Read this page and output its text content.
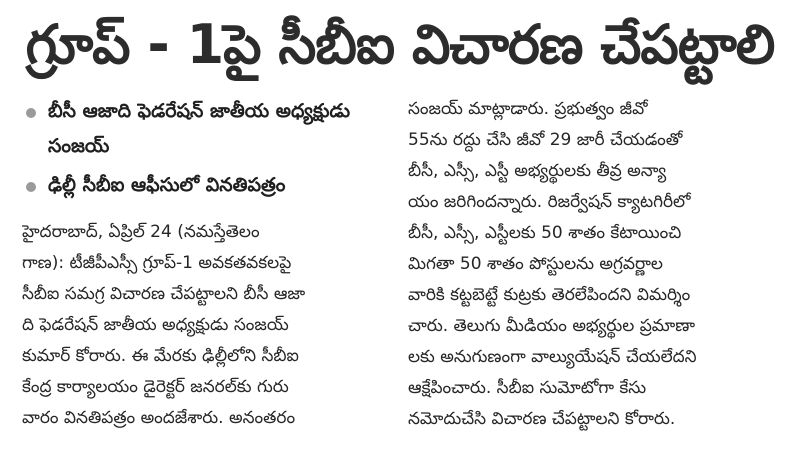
గ్రూప్ - 1పై సీబీఐ విచారణ చేపట్టాలి
బీసీ ఆజాది ఫెడరేషన్ జాతీయ అధ్యక్షుడు సంజయ్
ఢిల్లీ సీబీఐ ఆఫీసులో వినతిపత్రం
హైదరాబాద్, ఏప్రిల్ 24 (నమస్తేతెలం
గాణ): టీజీపీఎస్సీ గ్రూప్-1 అవకతవకలపై
సీబీఐ సమగ్ర విచారణ చేపట్టాలని బీసీ ఆజా
ది ఫెడరేషన్ జాతీయ అధ్యక్షుడు సంజయ్
కుమార్ కోరారు. ఈ మేరకు ఢిల్లీలోని సీబీఐ
కేంద్ర కార్యాలయం డైరెక్టర్ జనరల్‌కు గురు
వారం వినతిపత్రం అందజేశారు. అనంతరం
సంజయ్ మాట్లాడారు. ప్రభుత్వం జీవో
55ను రద్దు చేసి జీవో 29 జారీ చేయడంతో
బీసీ, ఎస్సీ, ఎస్టీ అభ్యర్థులకు తీవ్ర అన్యా
యం జరిగిందన్నారు. రిజర్వేషన్ క్యాటగిరీలో
బీసీ, ఎస్సీ, ఎస్టీలకు 50 శాతం కేటాయించి
మిగతా 50 శాతం పోస్టులను అగ్రవర్ణాల
వారికి కట్టబెట్టే కుట్రకు తెరలేపిందని విమర్శిం
చారు. తెలుగు మీడియం అభ్యర్థుల ప్రమాణా
లకు అనుగుణంగా వాల్యుయేషన్ చేయలేదని
ఆక్షేపించారు. సీబీఐ సుమోటోగా కేసు
నమోదుచేసి విచారణ చేపట్టాలని కోరారు.
